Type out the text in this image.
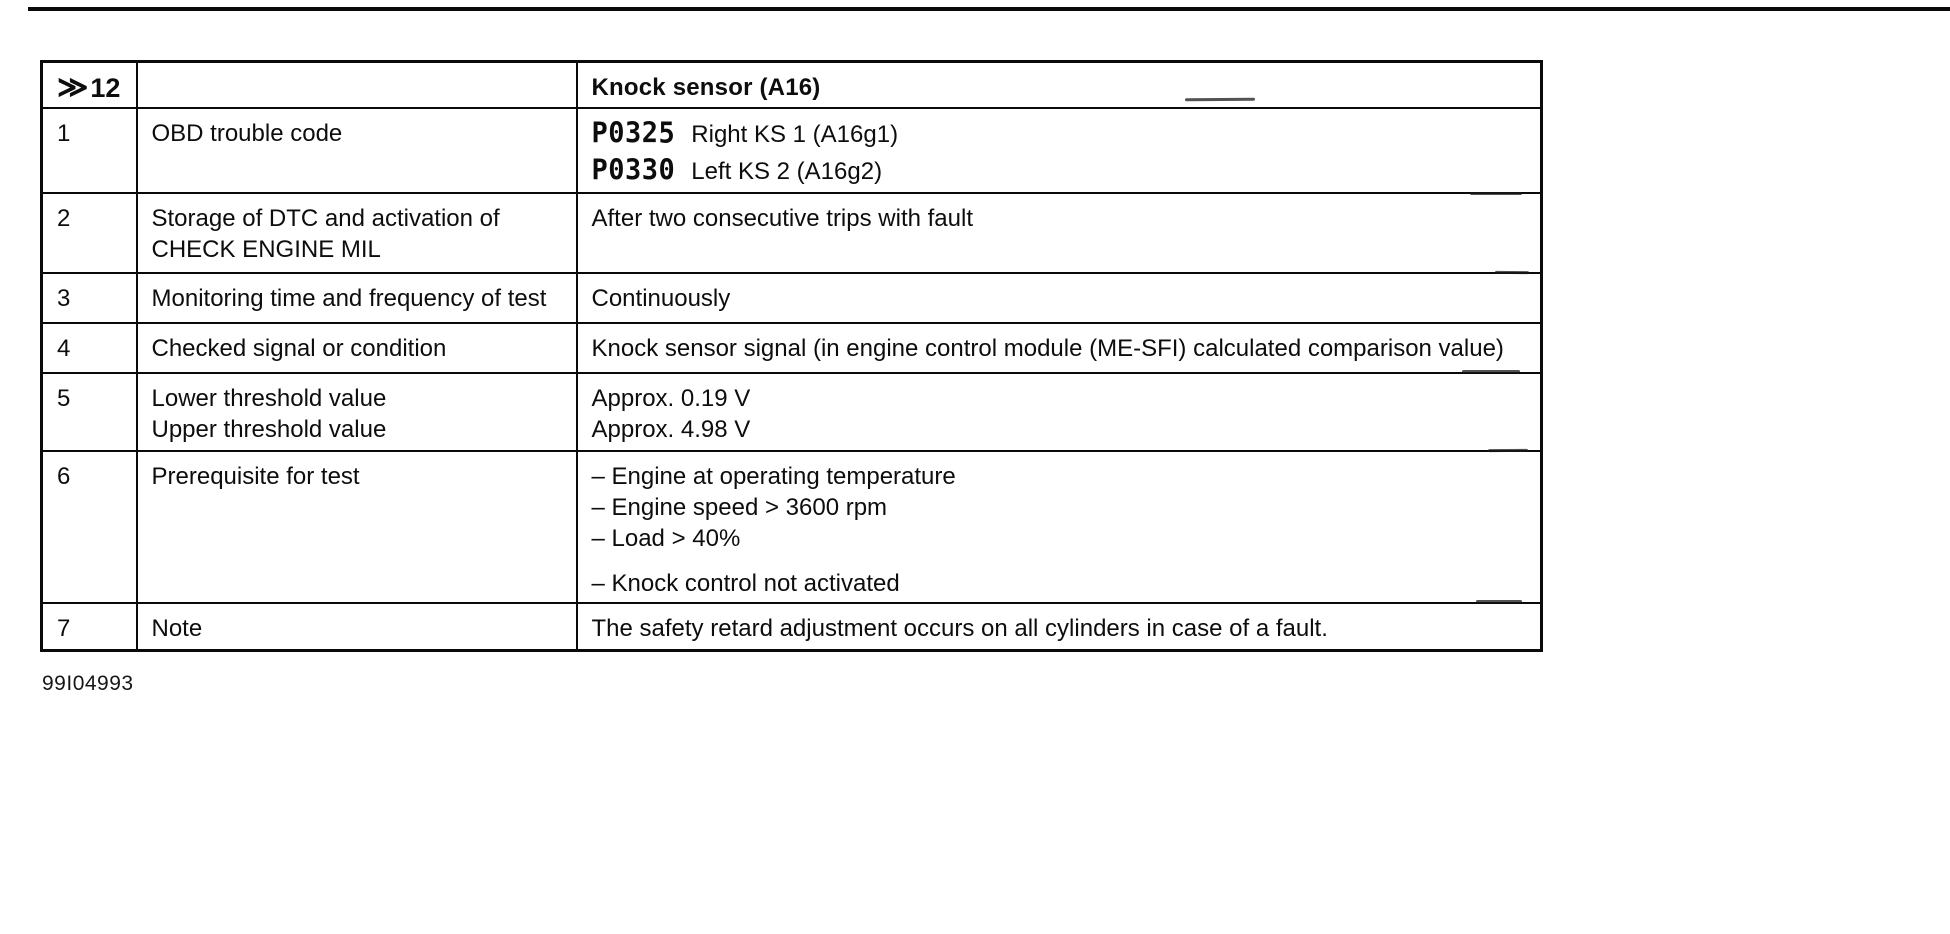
≫ 12		Knock sensor (A16)
1	OBD trouble code	P0325 Right KS 1 (A16g1)
P0330 Left KS 2 (A16g2)

2	Storage of DTC and activation of
CHECK ENGINE MIL	After two consecutive trips with fault

3	Monitoring time and frequency of test	Continuously

4	Checked signal or condition	Knock sensor signal (in engine control module (ME-SFI) calculated comparison value)

5	Lower threshold value
Upper threshold value	Approx. 0.19 V
Approx. 4.98 V

6	Prerequisite for test	– Engine at operating temperature
– Engine speed > 3600 rpm
– Load > 40%
– Knock control not activated

7	Note	The safety retard adjustment occurs on all cylinders in case of a fault.
99I04993
